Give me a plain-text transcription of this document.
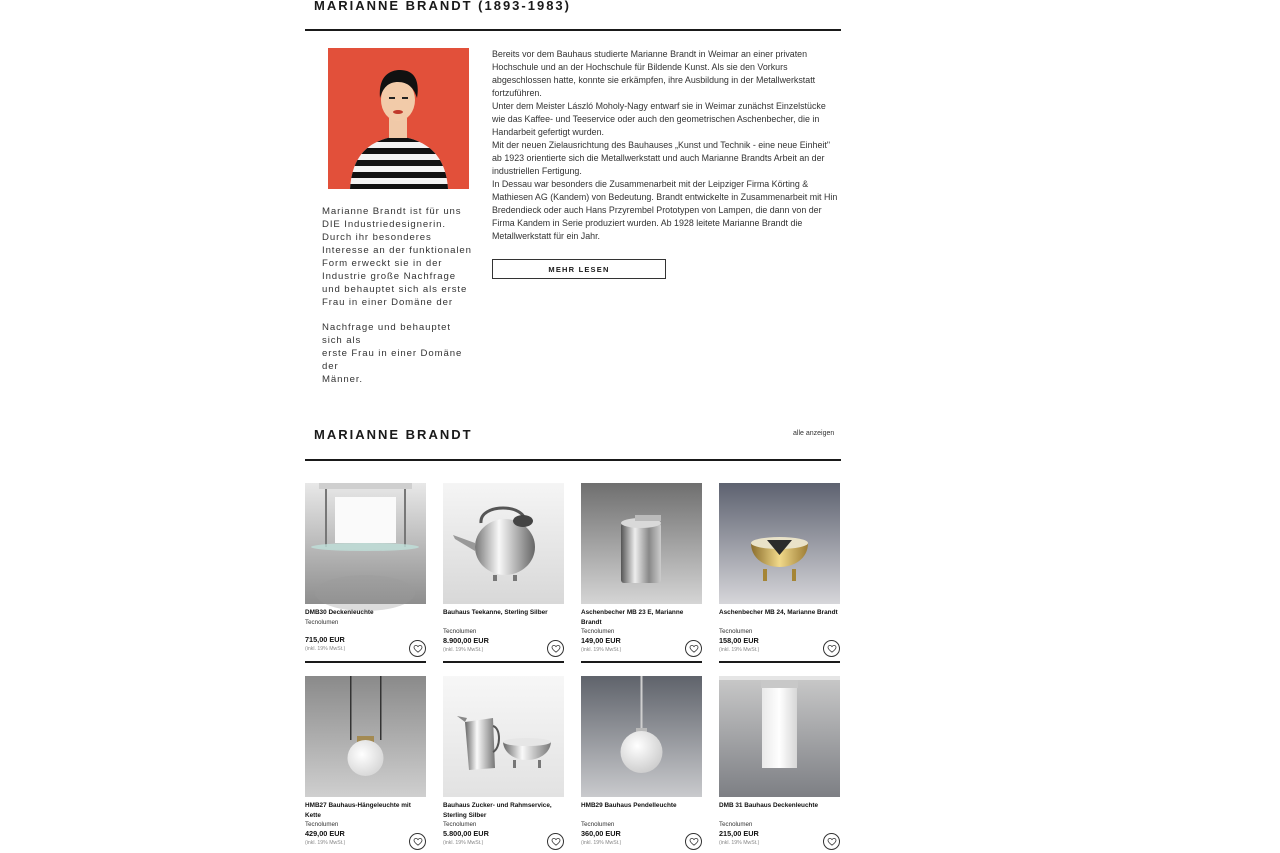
MARIANNE BRANDT (1893-1983)
Marianne Brandt ist für uns DIE Industriedesignerin.
Durch ihr besonderes Interesse an der funktionalen Form erweckt sie in der Industrie große Nachfrage und behauptet sich als erste Frau in einer Domäne der
Nachfrage und behauptet sich als
erste Frau in einer Domäne der
Männer.

Bereits vor dem Bauhaus studierte Marianne Brandt in Weimar an einer privaten Hochschule und an der Hochschule für Bildende Kunst. Als sie den Vorkurs abgeschlossen hatte, konnte sie erkämpfen, ihre Ausbildung in der Metallwerkstatt fortzuführen.
Unter dem Meister László Moholy-Nagy entwarf sie in Weimar zunächst Einzelstücke wie das Kaffee- und Teeservice oder auch den geometrischen Aschenbecher, die in Handarbeit gefertigt wurden.
Mit der neuen Zielausrichtung des Bauhauses „Kunst und Technik - eine neue Einheit" ab 1923 orientierte sich die Metallwerkstatt und auch Marianne Brandts Arbeit an der industriellen Fertigung.
In Dessau war besonders die Zusammenarbeit mit der Leipziger Firma Körting & Mathiesen AG (Kandem) von Bedeutung. Brandt entwickelte in Zusammenarbeit mit Hin Bredendieck oder auch Hans Przyrembel Prototypen von Lampen, die dann von der Firma Kandem in Serie produziert wurden. Ab 1928 leitete Marianne Brandt die Metallwerkstatt für ein Jahr.

MEHR LESEN
MARIANNE BRANDT	alle anzeigen
DMB30 Deckenleuchte
Tecnolumen
715,00 EUR
(inkl. 19% MwSt.)
Bauhaus Teekanne, Sterling Silber
Tecnolumen
8.900,00 EUR
(inkl. 19% MwSt.)
Aschenbecher MB 23 E, Marianne Brandt
Tecnolumen
149,00 EUR
(inkl. 19% MwSt.)
Aschenbecher MB 24, Marianne Brandt
Tecnolumen
158,00 EUR
(inkl. 19% MwSt.)
HMB27 Bauhaus-Hängeleuchte mit Kette
Tecnolumen
429,00 EUR
(inkl. 19% MwSt.)
Bauhaus Zucker- und Rahmservice, Sterling Silber
Tecnolumen
5.800,00 EUR
(inkl. 19% MwSt.)
HMB29 Bauhaus Pendelleuchte
Tecnolumen
360,00 EUR
(inkl. 19% MwSt.)
DMB 31 Bauhaus Deckenleuchte
Tecnolumen
215,00 EUR
(inkl. 19% MwSt.)
